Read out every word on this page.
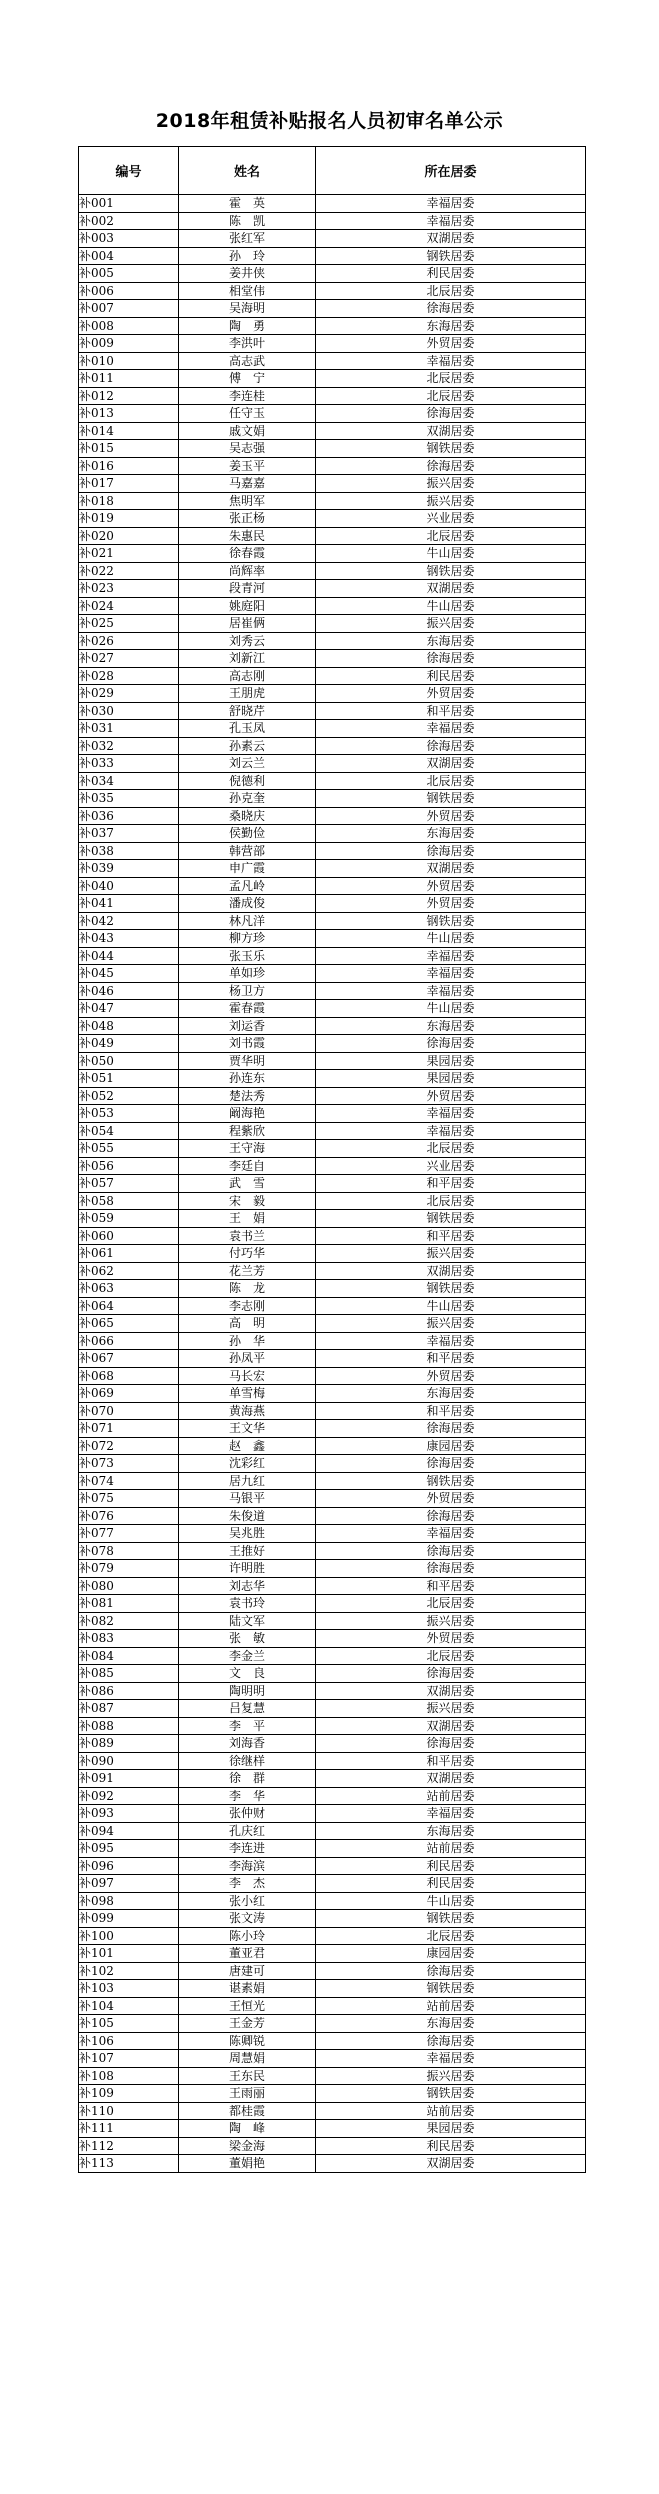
2018年租赁补贴报名人员初审名单公示
编号	姓名	所在居委
补001	霍　英	幸福居委
补002	陈　凯	幸福居委
补003	张红军	双湖居委
补004	孙　玲	钢铁居委
补005	姜井侠	利民居委
补006	相堂伟	北辰居委
补007	吴海明	徐海居委
补008	陶　勇	东海居委
补009	李洪叶	外贸居委
补010	高志武	幸福居委
补011	傅　宁	北辰居委
补012	李连桂	北辰居委
补013	任守玉	徐海居委
补014	戚文娟	双湖居委
补015	吴志强	钢铁居委
补016	姜玉平	徐海居委
补017	马嘉嘉	振兴居委
补018	焦明军	振兴居委
补019	张正杨	兴业居委
补020	朱惠民	北辰居委
补021	徐春霞	牛山居委
补022	尚辉率	钢铁居委
补023	段青河	双湖居委
补024	姚庭阳	牛山居委
补025	居崔俩	振兴居委
补026	刘秀云	东海居委
补027	刘新江	徐海居委
补028	高志刚	利民居委
补029	王朋虎	外贸居委
补030	舒晓芹	和平居委
补031	孔玉凤	幸福居委
补032	孙素云	徐海居委
补033	刘云兰	双湖居委
补034	倪德利	北辰居委
补035	孙克奎	钢铁居委
补036	桑晓庆	外贸居委
补037	侯勤俭	东海居委
补038	韩营部	徐海居委
补039	申广霞	双湖居委
补040	孟凡岭	外贸居委
补041	潘成俊	外贸居委
补042	林凡洋	钢铁居委
补043	柳方珍	牛山居委
补044	张玉乐	幸福居委
补045	单如珍	幸福居委
补046	杨卫方	幸福居委
补047	霍春霞	牛山居委
补048	刘运香	东海居委
补049	刘书霞	徐海居委
补050	贾华明	果园居委
补051	孙连东	果园居委
补052	楚法秀	外贸居委
补053	阚海艳	幸福居委
补054	程紫欣	幸福居委
补055	王守海	北辰居委
补056	李廷自	兴业居委
补057	武　雪	和平居委
补058	宋　毅	北辰居委
补059	王　娟	钢铁居委
补060	袁书兰	和平居委
补061	付巧华	振兴居委
补062	花兰芳	双湖居委
补063	陈　龙	钢铁居委
补064	李志刚	牛山居委
补065	高　明	振兴居委
补066	孙　华	幸福居委
补067	孙凤平	和平居委
补068	马长宏	外贸居委
补069	单雪梅	东海居委
补070	黄海燕	和平居委
补071	王文华	徐海居委
补072	赵　鑫	康园居委
补073	沈彩红	徐海居委
补074	居九红	钢铁居委
补075	马银平	外贸居委
补076	朱俊道	徐海居委
补077	吴兆胜	幸福居委
补078	王推好	徐海居委
补079	许明胜	徐海居委
补080	刘志华	和平居委
补081	袁书玲	北辰居委
补082	陆文军	振兴居委
补083	张　敏	外贸居委
补084	李金兰	北辰居委
补085	文　良	徐海居委
补086	陶明明	双湖居委
补087	吕复慧	振兴居委
补088	李　平	双湖居委
补089	刘海香	徐海居委
补090	徐继样	和平居委
补091	徐　群	双湖居委
补092	李　华	站前居委
补093	张仲财	幸福居委
补094	孔庆红	东海居委
补095	李连进	站前居委
补096	李海滨	利民居委
补097	李　杰	利民居委
补098	张小红	牛山居委
补099	张文涛	钢铁居委
补100	陈小玲	北辰居委
补101	董亚君	康园居委
补102	唐建可	徐海居委
补103	谌素娟	钢铁居委
补104	王恒光	站前居委
补105	王金芳	东海居委
补106	陈卿锐	徐海居委
补107	周慧娟	幸福居委
补108	王东民	振兴居委
补109	王雨丽	钢铁居委
补110	都桂霞	站前居委
补111	陶　峰	果园居委
补112	梁金海	利民居委
补113	董娟艳	双湖居委
